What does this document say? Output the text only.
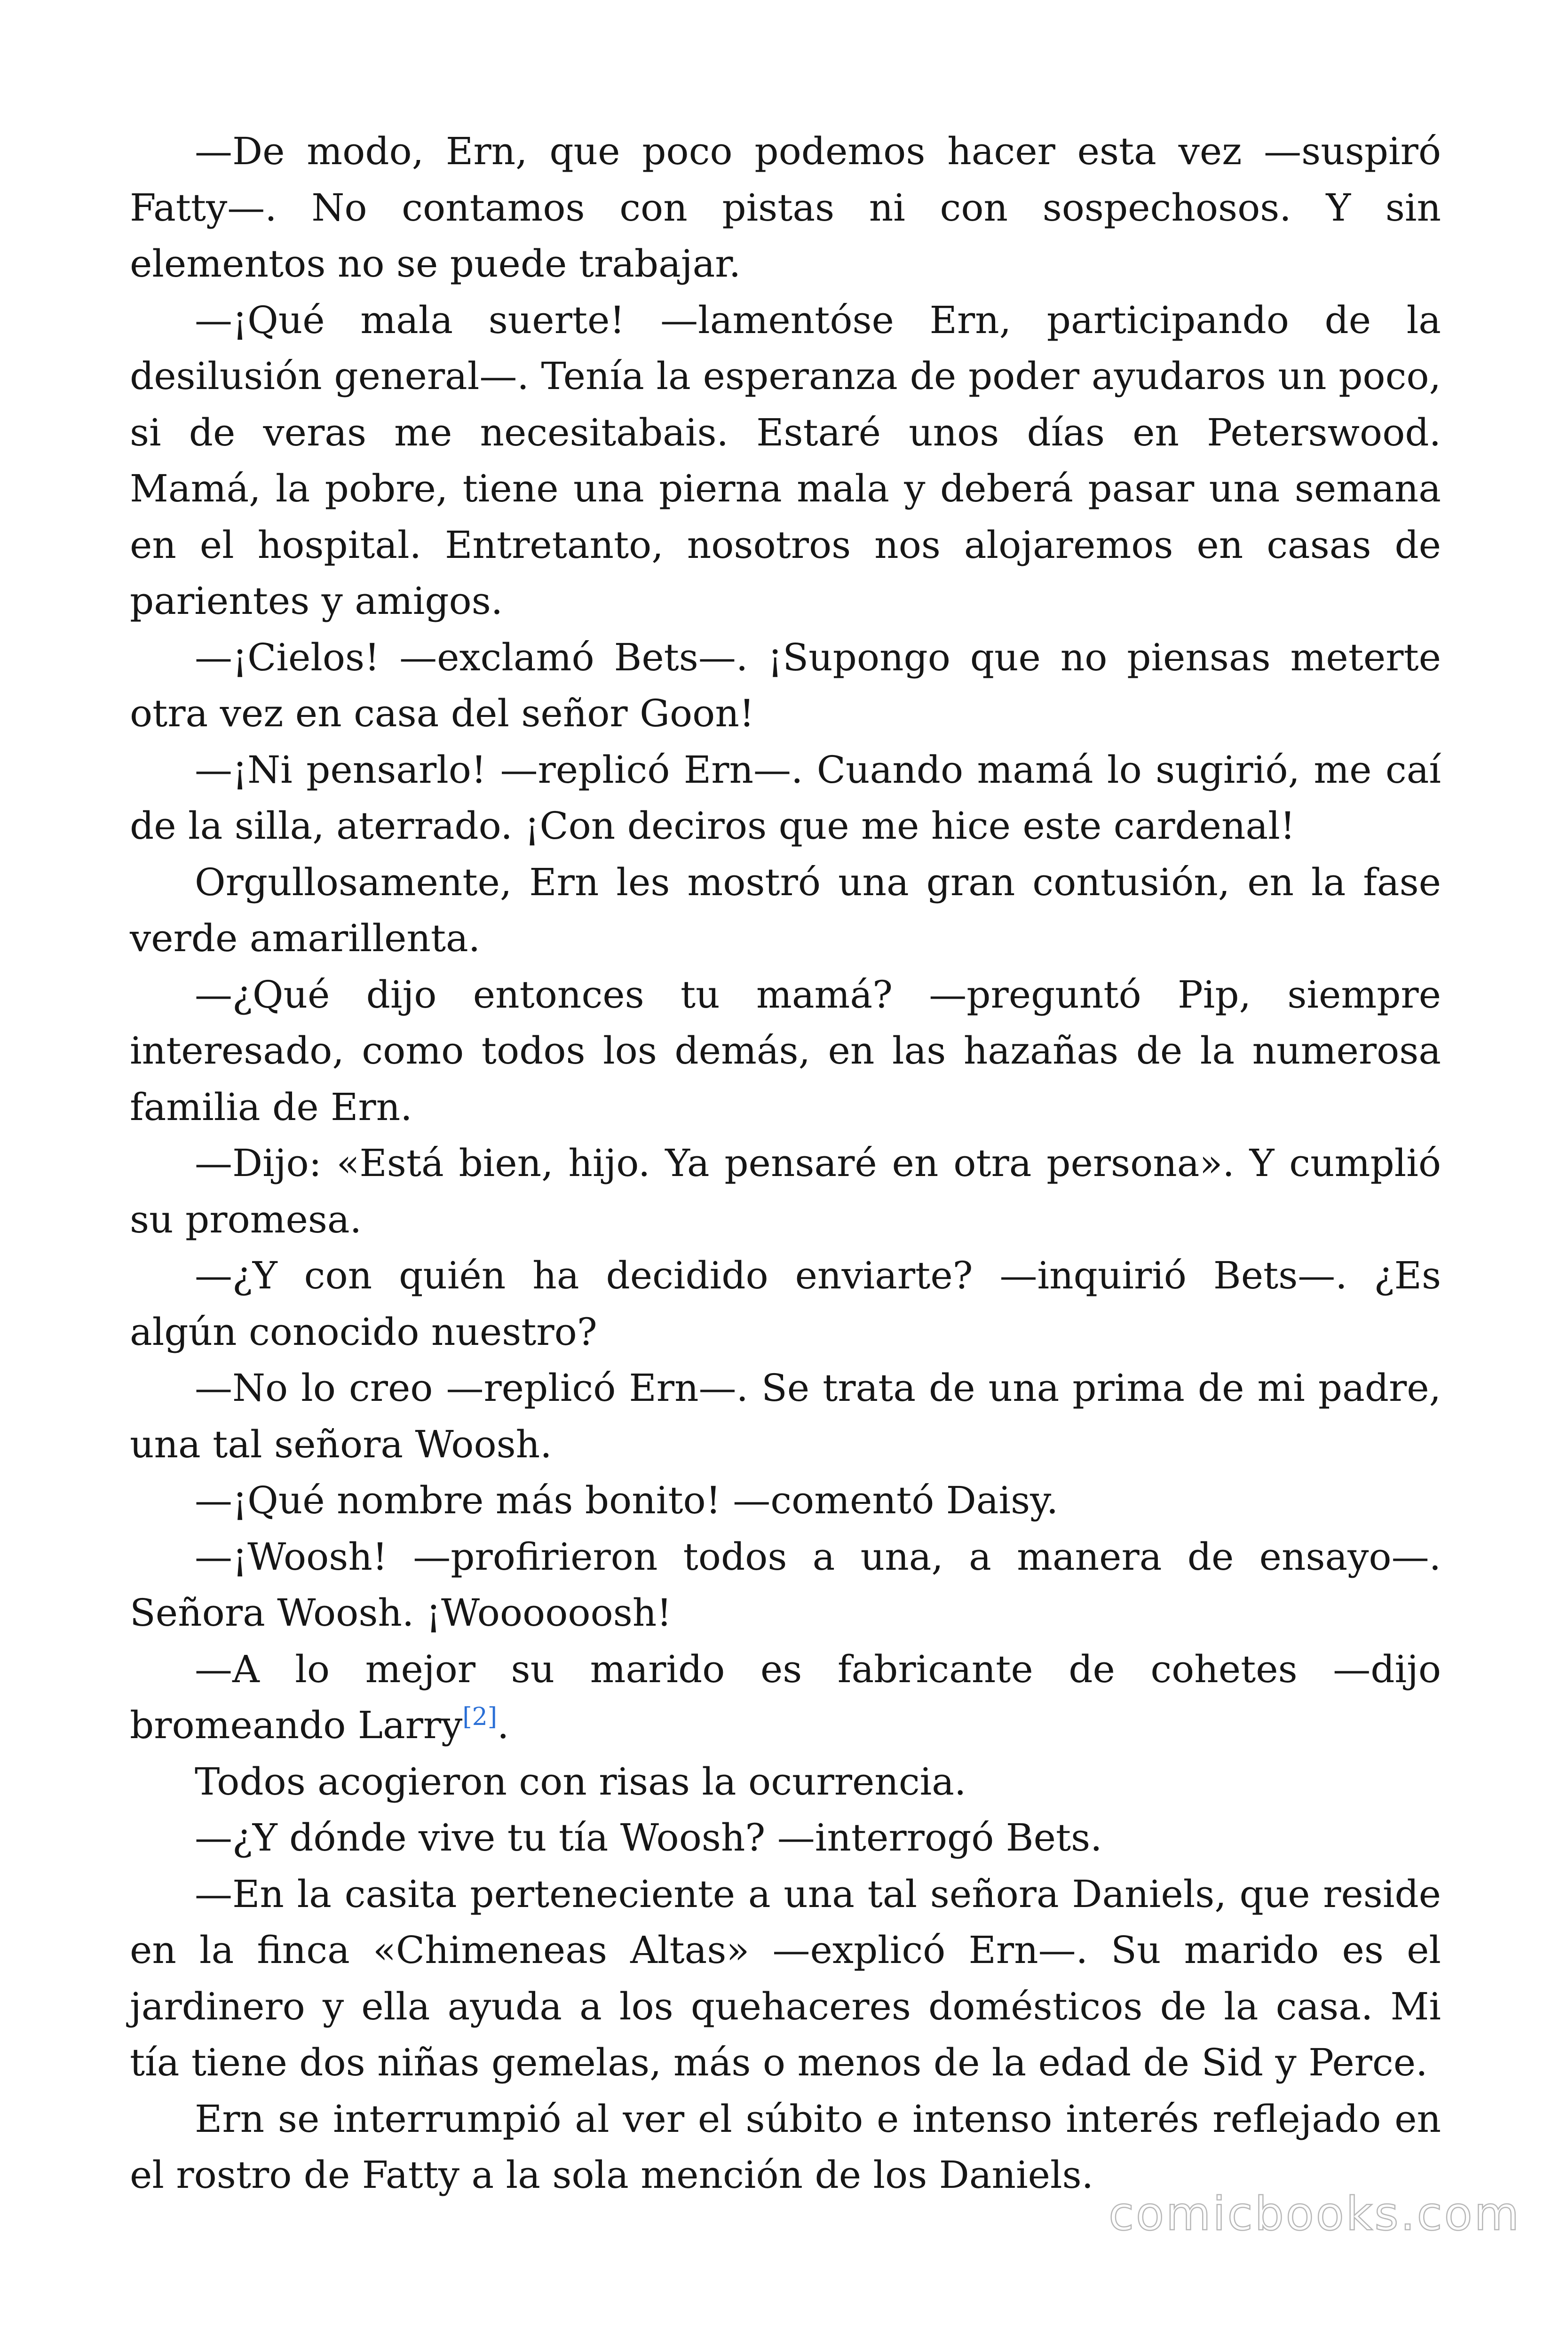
—De modo, Ern, que poco podemos hacer esta vez —suspiró Fatty—. No contamos con pistas ni con sospechosos. Y sin elementos no se puede trabajar.

—¡Qué mala suerte! —lamentóse Ern, participando de la desilusión general—. Tenía la esperanza de poder ayudaros un poco, si de veras me necesitabais. Estaré unos días en Peterswood. Mamá, la pobre, tiene una pierna mala y deberá pasar una semana en el hospital. Entretanto, nosotros nos alojaremos en casas de parientes y amigos.

—¡Cielos! —exclamó Bets—. ¡Supongo que no piensas meterte otra vez en casa del señor Goon!

—¡Ni pensarlo! —replicó Ern—. Cuando mamá lo sugirió, me caí de la silla, aterrado. ¡Con deciros que me hice este cardenal!

Orgullosamente, Ern les mostró una gran contusión, en la fase verde amarillenta.

—¿Qué dijo entonces tu mamá? —preguntó Pip, siempre interesado, como todos los demás, en las hazañas de la numerosa familia de Ern.

—Dijo: «Está bien, hijo. Ya pensaré en otra persona». Y cumplió su promesa.

—¿Y con quién ha decidido enviarte? —inquirió Bets—. ¿Es algún conocido nuestro?

—No lo creo —replicó Ern—. Se trata de una prima de mi padre, una tal señora Woosh.

—¡Qué nombre más bonito! —comentó Daisy.

—¡Woosh! —profirieron todos a una, a manera de ensayo—. Señora Woosh. ¡Woooooosh!

—A lo mejor su marido es fabricante de cohetes —dijo bromeando Larry[2].

Todos acogieron con risas la ocurrencia.

—¿Y dónde vive tu tía Woosh? —interrogó Bets.

—En la casita perteneciente a una tal señora Daniels, que reside en la finca «Chimeneas Altas» —explicó Ern—. Su marido es el jardinero y ella ayuda a los quehaceres domésticos de la casa. Mi tía tiene dos niñas gemelas, más o menos de la edad de Sid y Perce.

Ern se interrumpió al ver el súbito e intenso interés reflejado en el rostro de Fatty a la sola mención de los Daniels.

comicbooks.com
